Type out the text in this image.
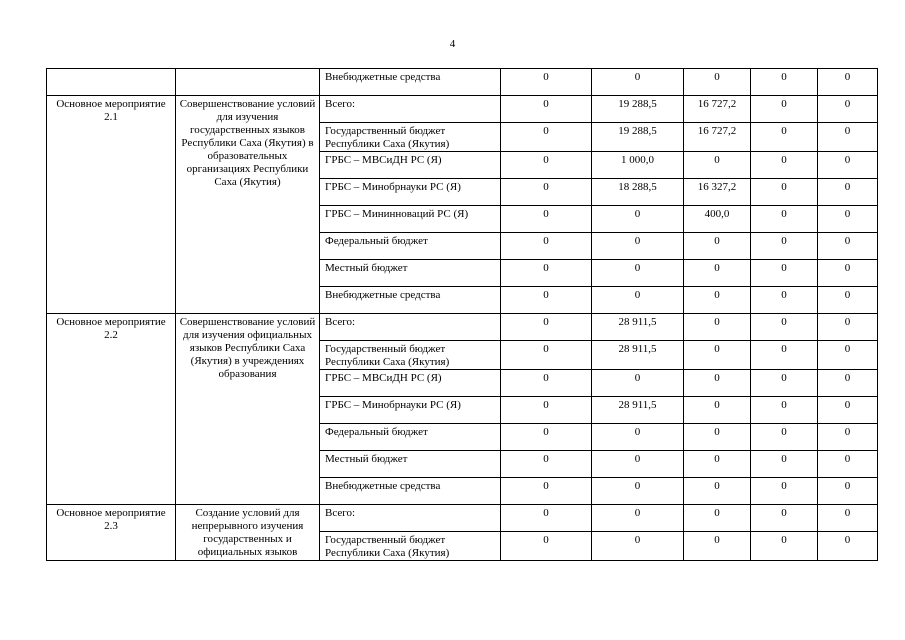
4
		Внебюджетные средства	0	0	0	0	0
Основное мероприятие 2.1	Совершенствование условий для изучения государственных языков Республики Саха (Якутия) в образовательных организациях Республики Саха (Якутия)	Всего:	0	19 288,5	16 727,2	0	0
		Государственный бюджет Республики Саха (Якутия)	0	19 288,5	16 727,2	0	0
		ГРБС – МВСиДН РС (Я)	0	1 000,0	0	0	0
		ГРБС – Минобрнауки РС (Я)	0	18 288,5	16 327,2	0	0
		ГРБС – Мининноваций РС (Я)	0	0	400,0	0	0
		Федеральный бюджет	0	0	0	0	0
		Местный бюджет	0	0	0	0	0
		Внебюджетные средства	0	0	0	0	0
Основное мероприятие 2.2	Совершенствование условий для изучения официальных языков Республики Саха (Якутия) в учреждениях образования	Всего:	0	28 911,5	0	0	0
		Государственный бюджет Республики Саха (Якутия)	0	28 911,5	0	0	0
		ГРБС – МВСиДН РС (Я)	0	0	0	0	0
		ГРБС – Минобрнауки РС (Я)	0	28 911,5	0	0	0
		Федеральный бюджет	0	0	0	0	0
		Местный бюджет	0	0	0	0	0
		Внебюджетные средства	0	0	0	0	0
Основное мероприятие 2.3	Создание условий для непрерывного изучения государственных и официальных языков	Всего:	0	0	0	0	0
		Государственный бюджет Республики Саха (Якутия)	0	0	0	0	0
